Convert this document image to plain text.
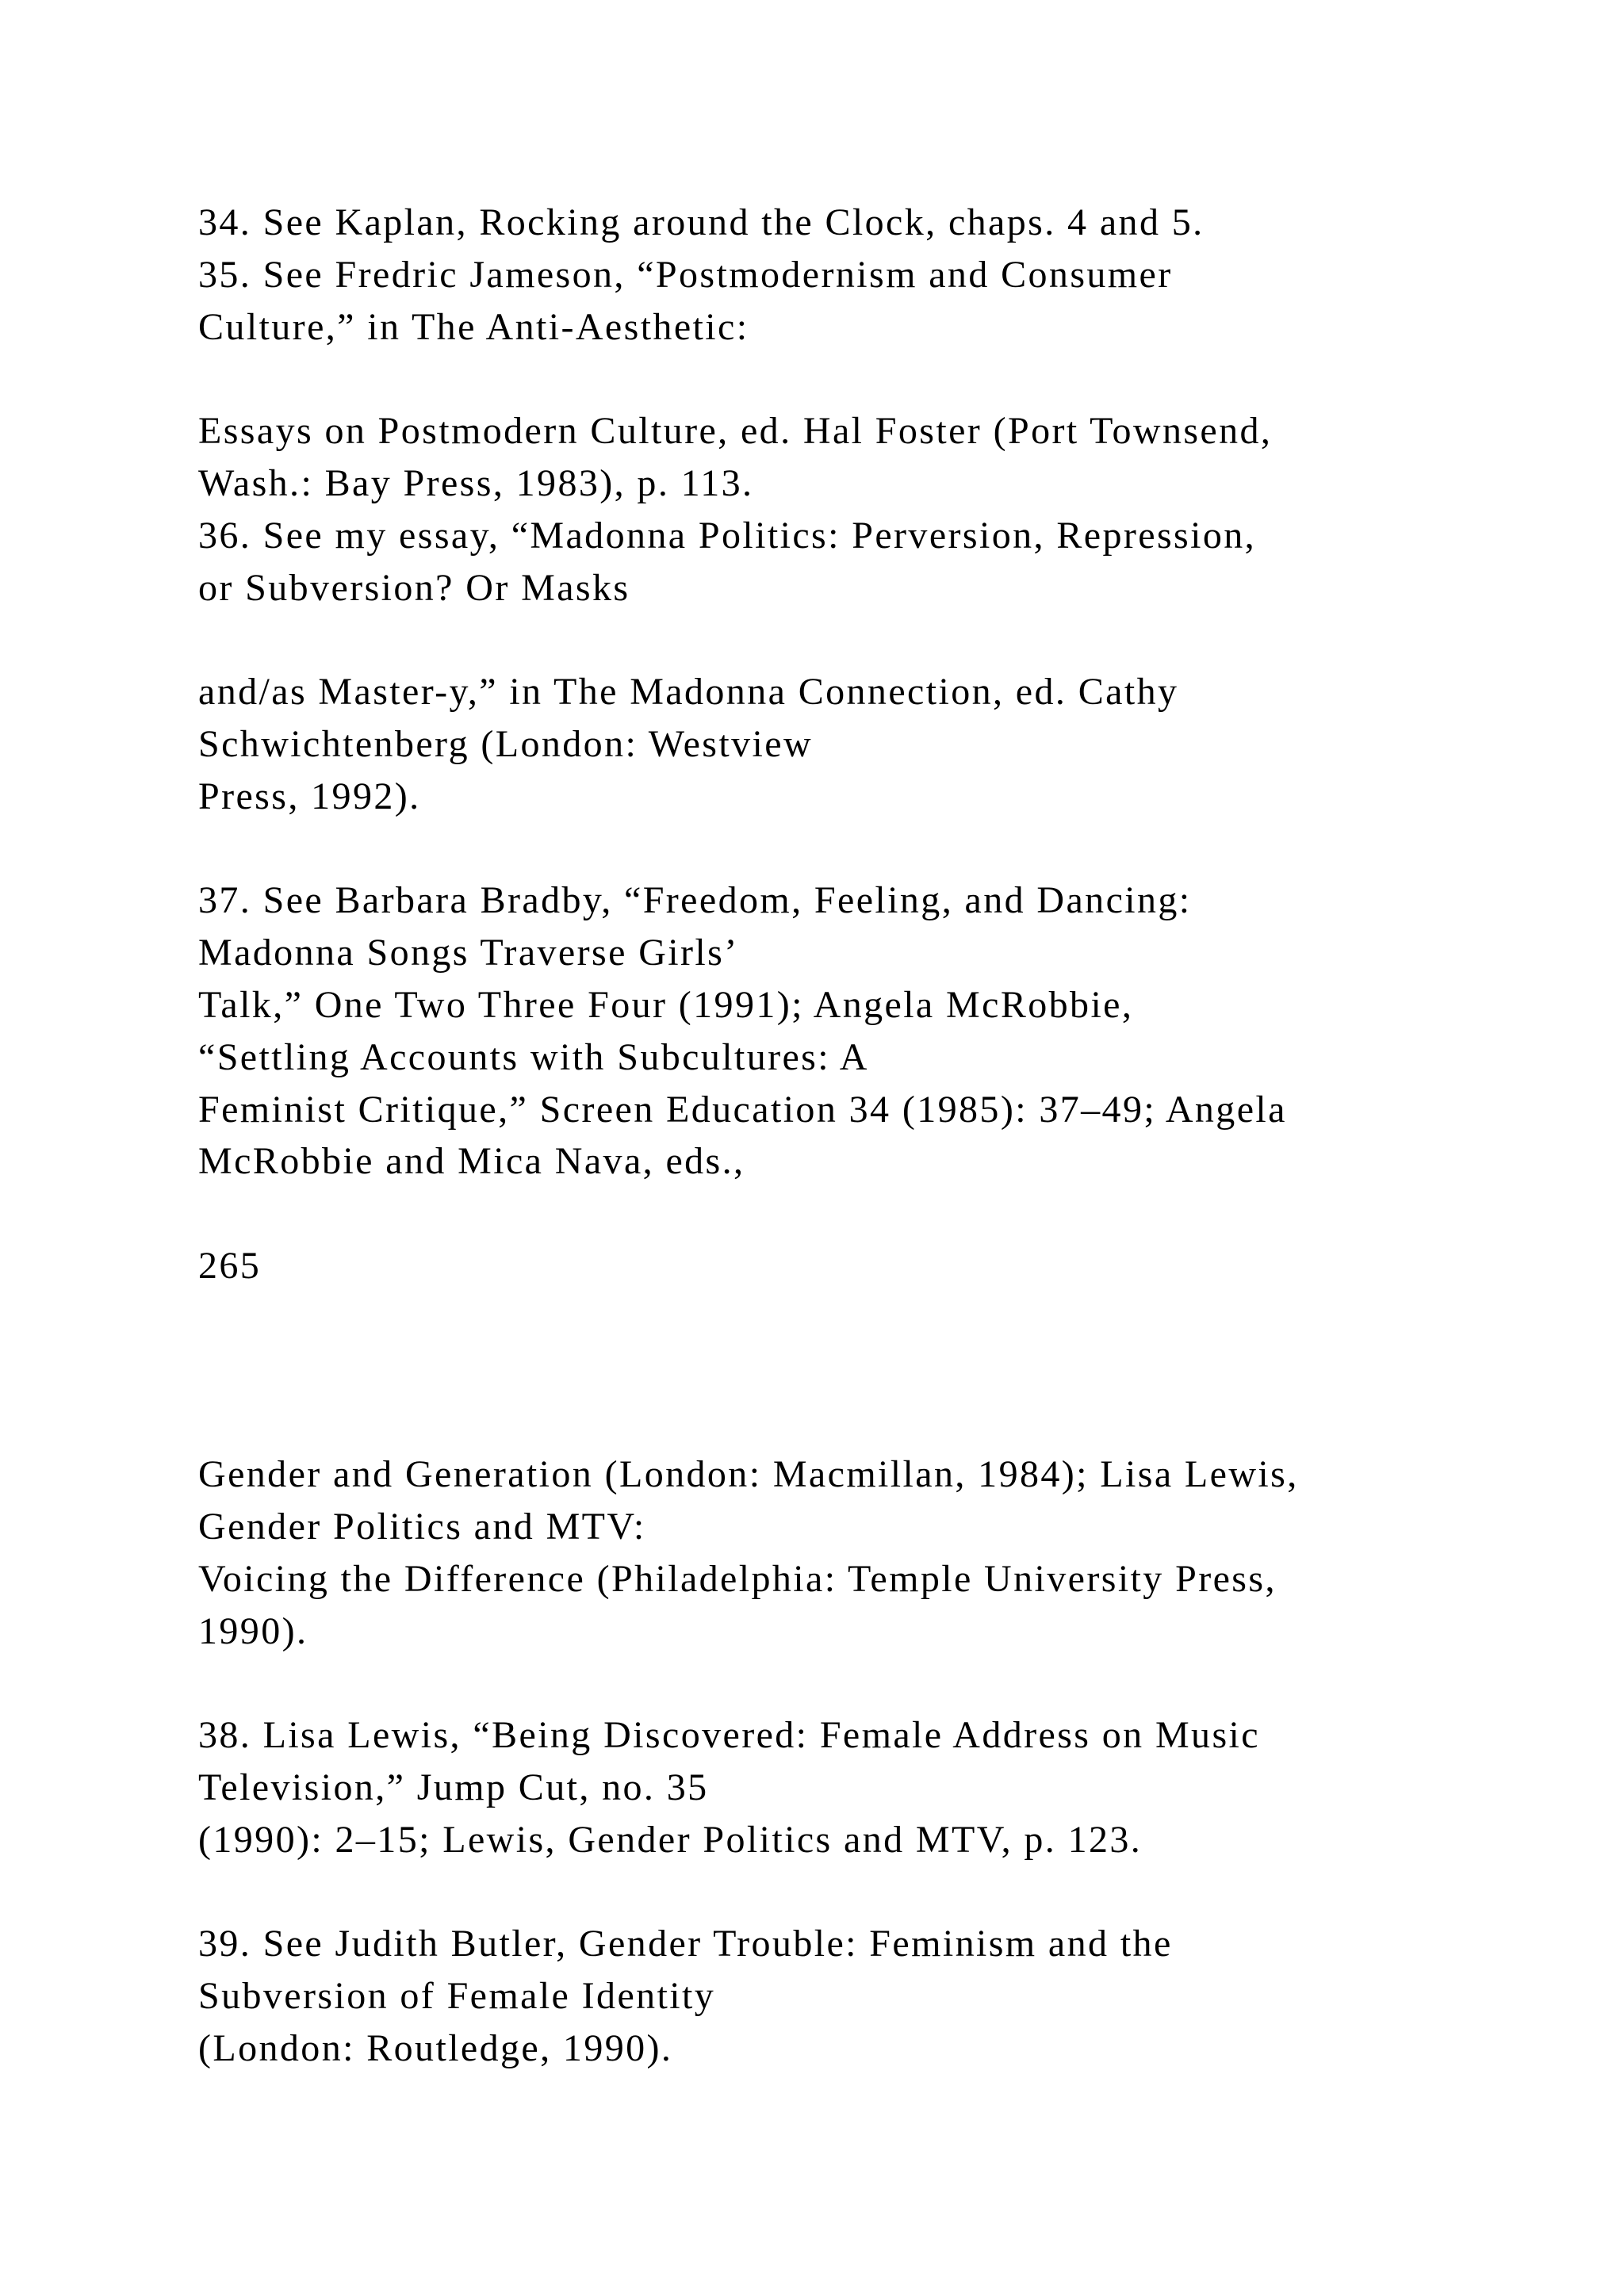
34. See Kaplan, Rocking around the Clock, chaps. 4 and 5.
35. See Fredric Jameson, “Postmodernism and Consumer
Culture,” in The Anti-Aesthetic:
Essays on Postmodern Culture, ed. Hal Foster (Port Townsend,
Wash.: Bay Press, 1983), p. 113.
36. See my essay, “Madonna Politics: Perversion, Repression,
or Subversion? Or Masks
and/as Master-y,” in The Madonna Connection, ed. Cathy
Schwichtenberg (London: Westview
Press, 1992).
37. See Barbara Bradby, “Freedom, Feeling, and Dancing:
Madonna Songs Traverse Girls’
Talk,” One Two Three Four (1991); Angela McRobbie,
“Settling Accounts with Subcultures: A
Feminist Critique,” Screen Education 34 (1985): 37–49; Angela
McRobbie and Mica Nava, eds.,
265
Gender and Generation (London: Macmillan, 1984); Lisa Lewis,
Gender Politics and MTV:
Voicing the Difference (Philadelphia: Temple University Press,
1990).
38. Lisa Lewis, “Being Discovered: Female Address on Music
Television,” Jump Cut, no. 35
(1990): 2–15; Lewis, Gender Politics and MTV, p. 123.
39. See Judith Butler, Gender Trouble: Feminism and the
Subversion of Female Identity
(London: Routledge, 1990).
